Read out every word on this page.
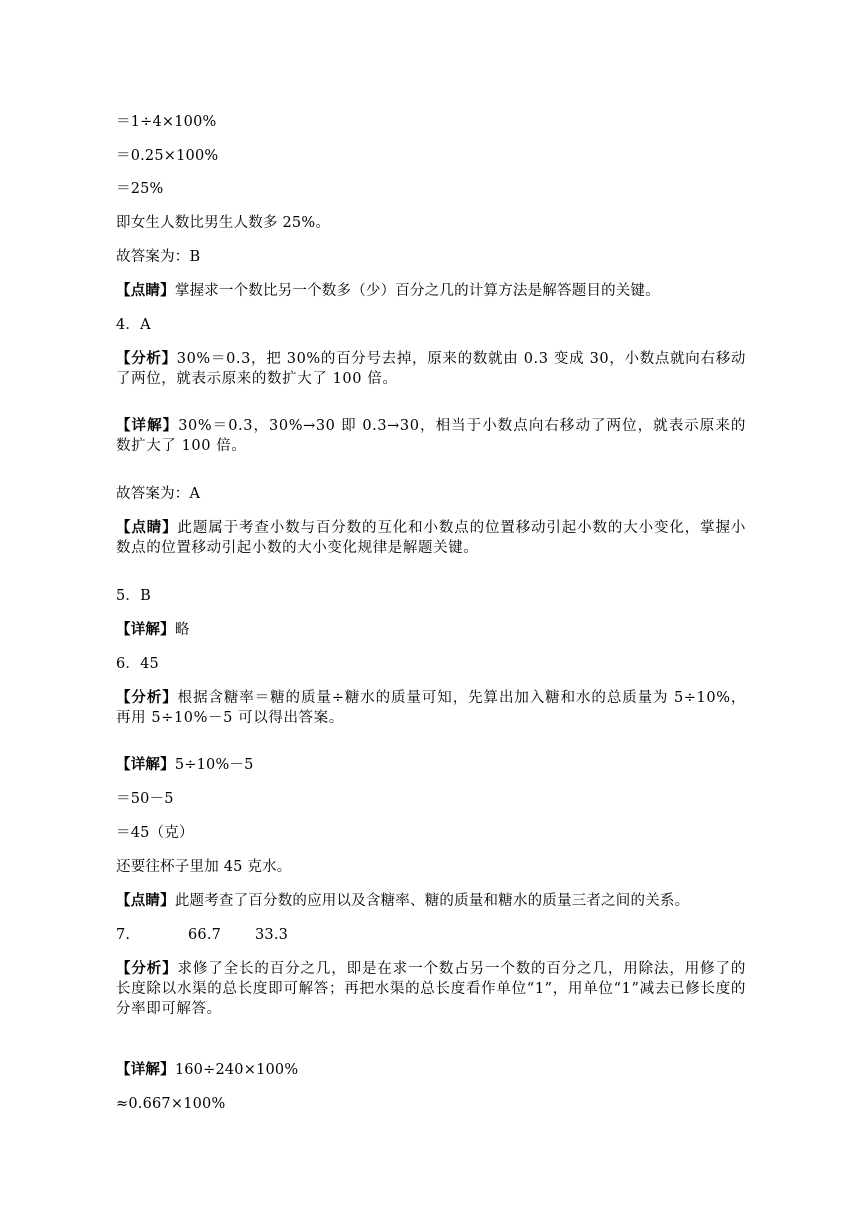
＝1÷4×100%
＝0.25×100%
＝25%
即女生人数比男生人数多 25%。
故答案为：B
【点睛】掌握求一个数比另一个数多（少）百分之几的计算方法是解答题目的关键。
4．A
【分析】30%＝0.3，把 30%的百分号去掉，原来的数就由 0.3 变成 30，小数点就向右移动了两位，就表示原来的数扩大了 100 倍。
【详解】30%＝0.3，30%→30 即 0.3→30，相当于小数点向右移动了两位，就表示原来的数扩大了 100 倍。
故答案为：A
【点睛】此题属于考查小数与百分数的互化和小数点的位置移动引起小数的大小变化，掌握小数点的位置移动引起小数的大小变化规律是解题关键。
5．B
【详解】略
6．45
【分析】根据含糖率＝糖的质量÷糖水的质量可知，先算出加入糖和水的总质量为 5÷10%，再用 5÷10%－5 可以得出答案。
【详解】5÷10%－5
＝50－5
＝45（克）
还要往杯子里加 45 克水。
【点睛】此题考查了百分数的应用以及含糖率、糖的质量和糖水的质量三者之间的关系。
7.	66.7 33.3
【分析】求修了全长的百分之几，即是在求一个数占另一个数的百分之几，用除法，用修了的长度除以水渠的总长度即可解答；再把水渠的总长度看作单位“1”，用单位“1”减去已修长度的分率即可解答。
【详解】160÷240×100%
≈0.667×100%
